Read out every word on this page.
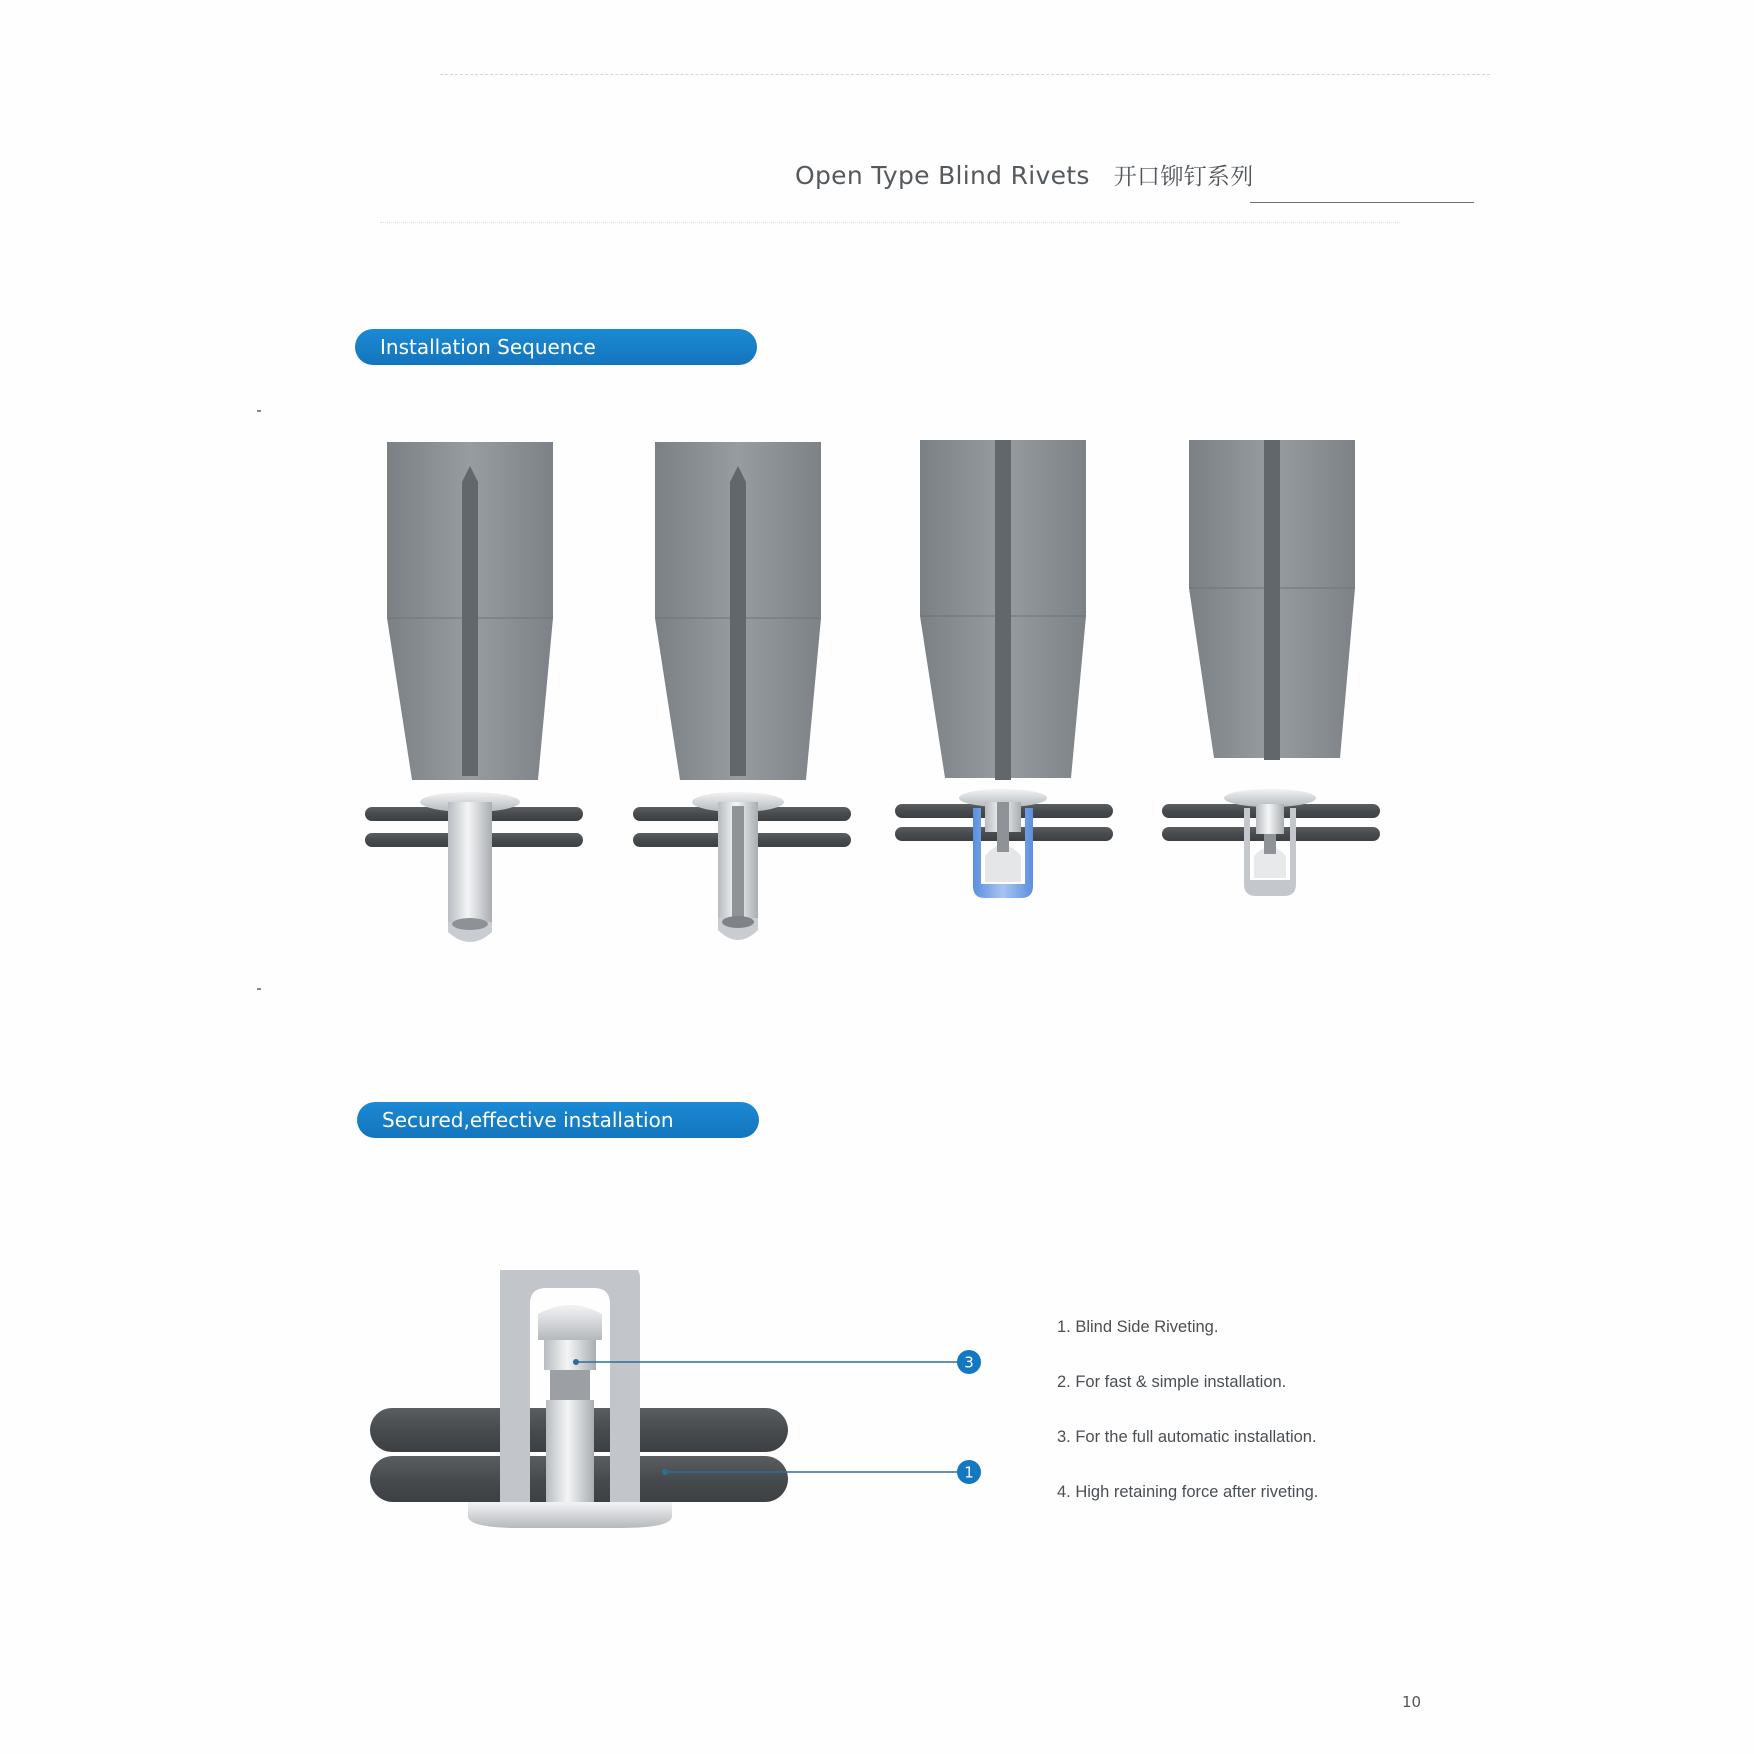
Open Type Blind Rivets 开口铆钉系列
Installation Sequence
Secured,effective installation
3
1
1. Blind Side Riveting.
2. For fast & simple installation.
3. For the full automatic installation.
4. High retaining force after riveting.
10
